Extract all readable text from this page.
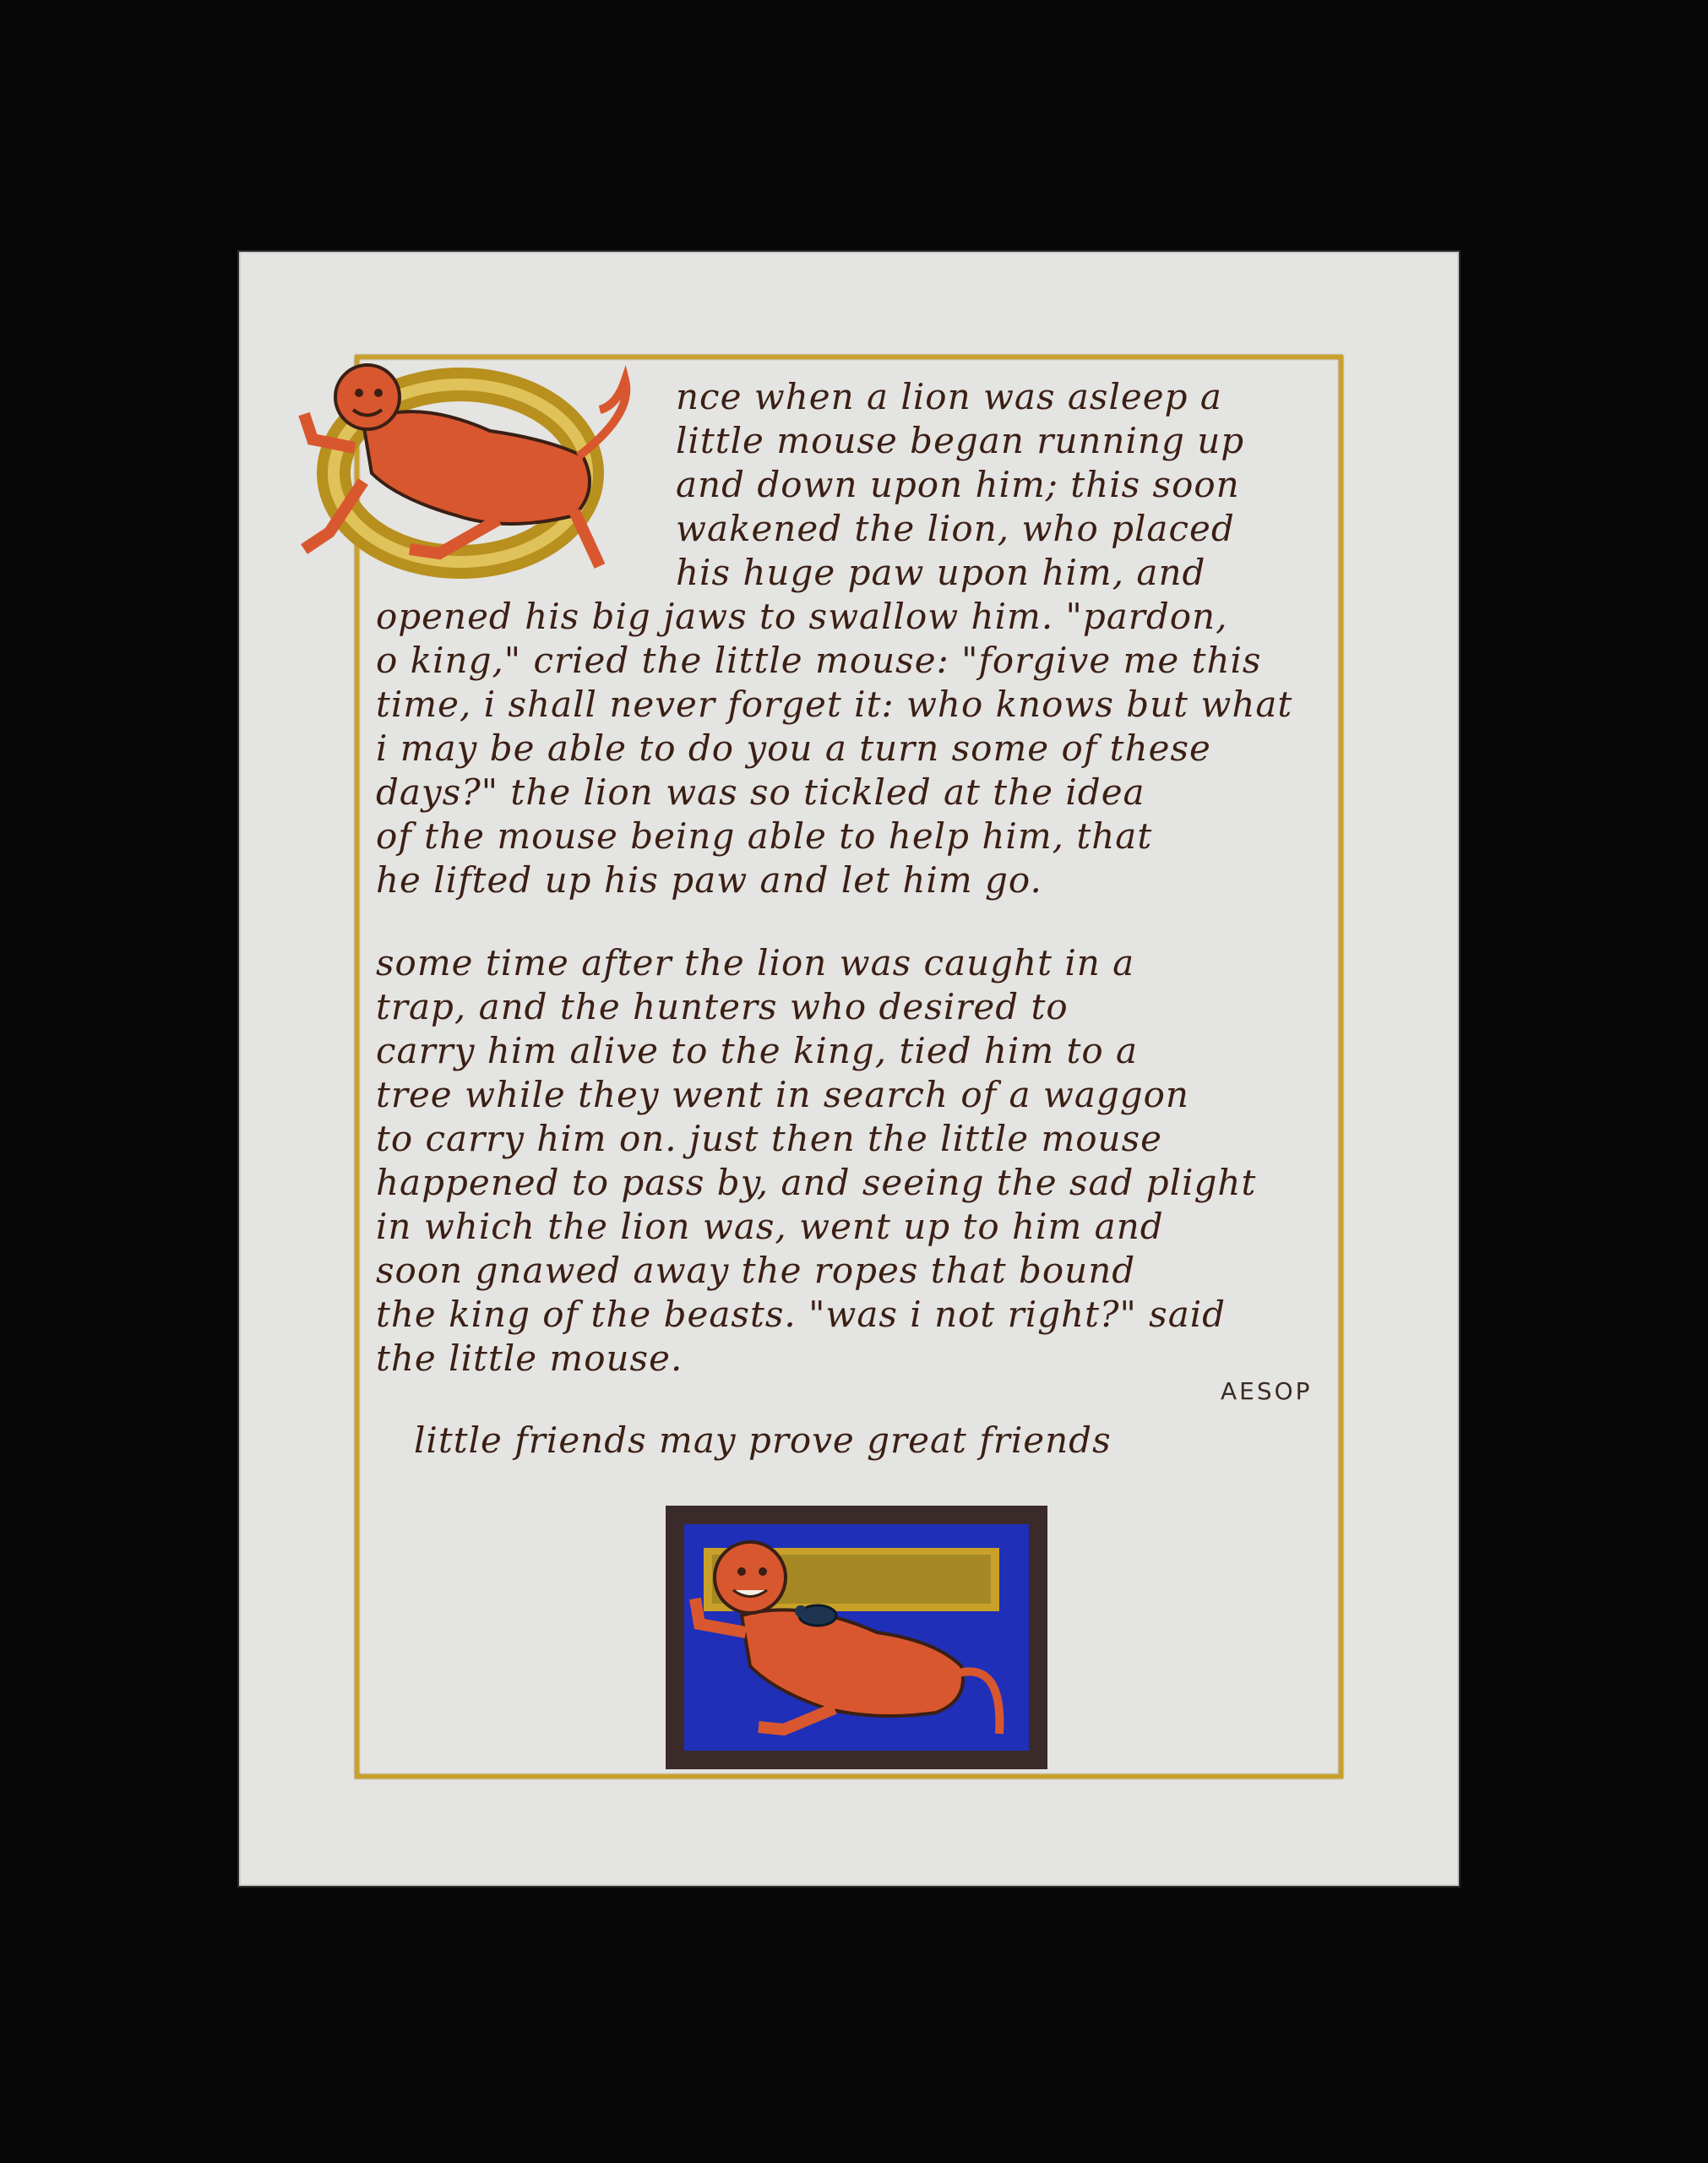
nce when a lion was asleep a
little mouse began running up
and down upon him; this soon
wakened the lion, who placed
his huge paw upon him, and
opened his big jaws to swallow him. "pardon,
o king," cried the little mouse: "forgive me this
time, i shall never forget it: who knows but what
i may be able to do you a turn some of these
days?" the lion was so tickled at the idea
of the mouse being able to help him, that
he lifted up his paw and let him go.
some time after the lion was caught in a
trap, and the hunters who desired to
carry him alive to the king, tied him to a
tree while they went in search of a waggon
to carry him on. just then the little mouse
happened to pass by, and seeing the sad plight
in which the lion was, went up to him and
soon gnawed away the ropes that bound
the king of the beasts. "was i not right?" said
the little mouse.
AESOP
little friends may prove great friends
